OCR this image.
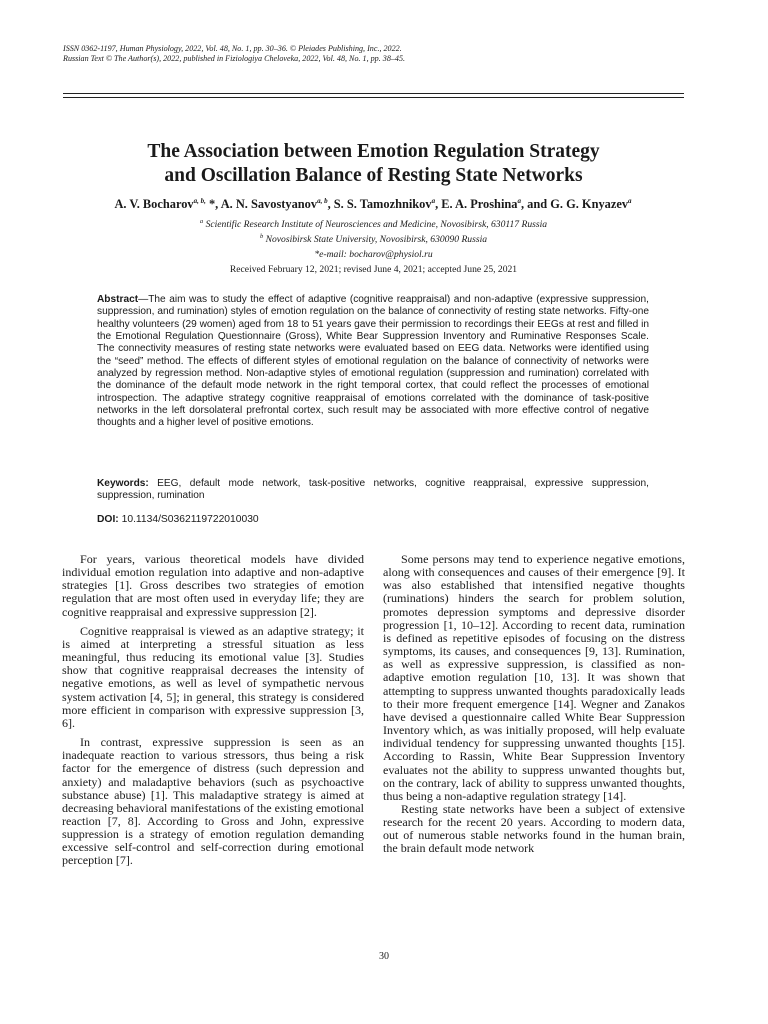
ISSN 0362-1197, Human Physiology, 2022, Vol. 48, No. 1, pp. 30–36. © Pleiades Publishing, Inc., 2022.
Russian Text © The Author(s), 2022, published in Fiziologiya Cheloveka, 2022, Vol. 48, No. 1, pp. 38–45.
The Association between Emotion Regulation Strategy
and Oscillation Balance of Resting State Networks
A. V. Bocharov$^{a, b,}$ *, A. N. Savostyanov$^{a, b}$, S. S. Tamozhnikov$^a$, E. A. Proshina$^a$, and G. G. Knyazev$^a$
$^a$ Scientific Research Institute of Neurosciences and Medicine, Novosibirsk, 630117 Russia
$^b$ Novosibirsk State University, Novosibirsk, 630090 Russia
*e-mail: bocharov@physiol.ru
Received February 12, 2021; revised June 4, 2021; accepted June 25, 2021
Abstract—The aim was to study the effect of adaptive (cognitive reappraisal) and non-adaptive (expressive suppression, suppression, and rumination) styles of emotion regulation on the balance of connectivity of resting state networks. Fifty-one healthy volunteers (29 women) aged from 18 to 51 years gave their permission to recordings their EEGs at rest and filled in the Emotional Regulation Questionnaire (Gross), White Bear Suppression Inventory and Ruminative Responses Scale. The connectivity measures of resting state networks were evaluated based on EEG data. Networks were identified using the “seed” method. The effects of different styles of emotional regulation on the balance of connectivity of networks were analyzed by regression method. Non-adaptive styles of emotional regulation (suppression and rumination) correlated with the dominance of the default mode network in the right temporal cortex, that could reflect the processes of emotional introspection. The adaptive strategy cognitive reappraisal of emotions correlated with the dominance of task-positive networks in the left dorsolateral prefrontal cortex, such result may be associated with more effective control of negative thoughts and a higher level of positive emotions.
Keywords: EEG, default mode network, task-positive networks, cognitive reappraisal, expressive suppression, suppression, rumination
DOI: 10.1134/S0362119722010030

For years, various theoretical models have divided individual emotion regulation into adaptive and non-adaptive strategies [1]. Gross describes two strategies of emotion regulation that are most often used in everyday life; they are cognitive reappraisal and expressive suppression [2].

Cognitive reappraisal is viewed as an adaptive strategy; it is aimed at interpreting a stressful situation as less meaningful, thus reducing its emotional value [3]. Studies show that cognitive reappraisal decreases the intensity of negative emotions, as well as level of sympathetic nervous system activation [4, 5]; in general, this strategy is considered more efficient in comparison with expressive suppression [3, 6].

In contrast, expressive suppression is seen as an inadequate reaction to various stressors, thus being a risk factor for the emergence of distress (such depression and anxiety) and maladaptive behaviors (such as psychoactive substance abuse) [1]. This maladaptive strategy is aimed at decreasing behavioral manifestations of the existing emotional reaction [7, 8]. According to Gross and John, expressive suppression is a strategy of emotion regulation demanding excessive self-control and self-correction during emotional perception [7].

Some persons may tend to experience negative emotions, along with consequences and causes of their emergence [9]. It was also established that intensified negative thoughts (ruminations) hinders the search for problem solution, promotes depression symptoms and depressive disorder progression [1, 10–12]. According to recent data, rumination is defined as repetitive episodes of focusing on the distress symptoms, its causes, and consequences [9, 13]. Rumination, as well as expressive suppression, is classified as non-adaptive emotion regulation [10, 13]. It was shown that attempting to suppress unwanted thoughts paradoxically leads to their more frequent emergence [14]. Wegner and Zanakos have devised a questionnaire called White Bear Suppression Inventory which, as was initially proposed, will help evaluate individual tendency for suppressing unwanted thoughts [15]. According to Rassin, White Bear Suppression Inventory evaluates not the ability to suppress unwanted thoughts but, on the contrary, lack of ability to suppress unwanted thoughts, thus being a non-adaptive regulation strategy [14].

Resting state networks have been a subject of extensive research for the recent 20 years. According to modern data, out of numerous stable networks found in the human brain, the brain default mode network

30
